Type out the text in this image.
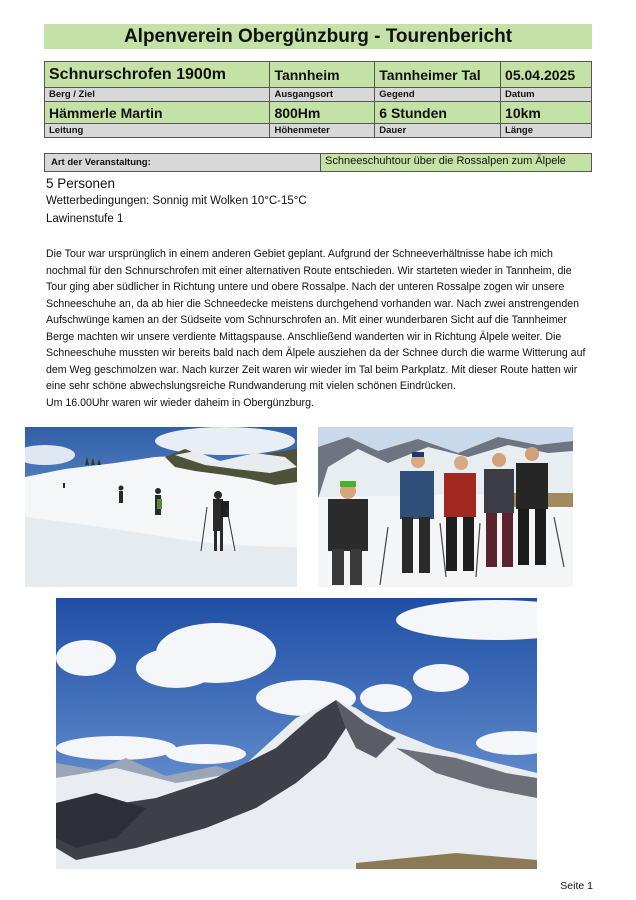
Alpenverein Obergünzburg - Tourenbericht
Schnurschrofen 1900m	Tannheim	Tannheimer Tal	05.04.2025
Berg / Ziel	Ausgangsort	Gegend	Datum
Hämmerle Martin	800Hm	6 Stunden	10km
Leitung	Höhenmeter	Dauer	Länge
Art der Veranstaltung:	Schneeschuhtour über die Rossalpen zum Älpele
5 Personen
Wetterbedingungen: Sonnig mit Wolken 10°C-15°C
Lawinenstufe 1
Die Tour war ursprünglich in einem anderen Gebiet geplant. Aufgrund der Schneeverhältnisse habe ich mich nochmal für den Schnurschrofen mit einer alternativen Route entschieden. Wir starteten wieder in Tannheim, die Tour ging aber südlicher in Richtung untere und obere Rossalpe. Nach der unteren Rossalpe zogen wir unsere Schneeschuhe an, da ab hier die Schneedecke meistens durchgehend vorhanden war. Nach zwei anstrengenden Aufschwünge kamen an der Südseite vom Schnurschrofen an. Mit einer wunderbaren Sicht auf die Tannheimer Berge machten wir unsere verdiente Mittagspause. Anschließend wanderten wir in Richtung Älpele weiter. Die Schneeschuhe mussten wir bereits bald nach dem Älpele ausziehen da der Schnee durch die warme Witterung auf dem Weg geschmolzen war. Nach kurzer Zeit waren wir wieder im Tal beim Parkplatz. Mit dieser Route hatten wir eine sehr schöne abwechslungsreiche Rundwanderung mit vielen schönen Eindrücken.
Um 16.00Uhr waren wir wieder daheim in Obergünzburg.
Seite 1
